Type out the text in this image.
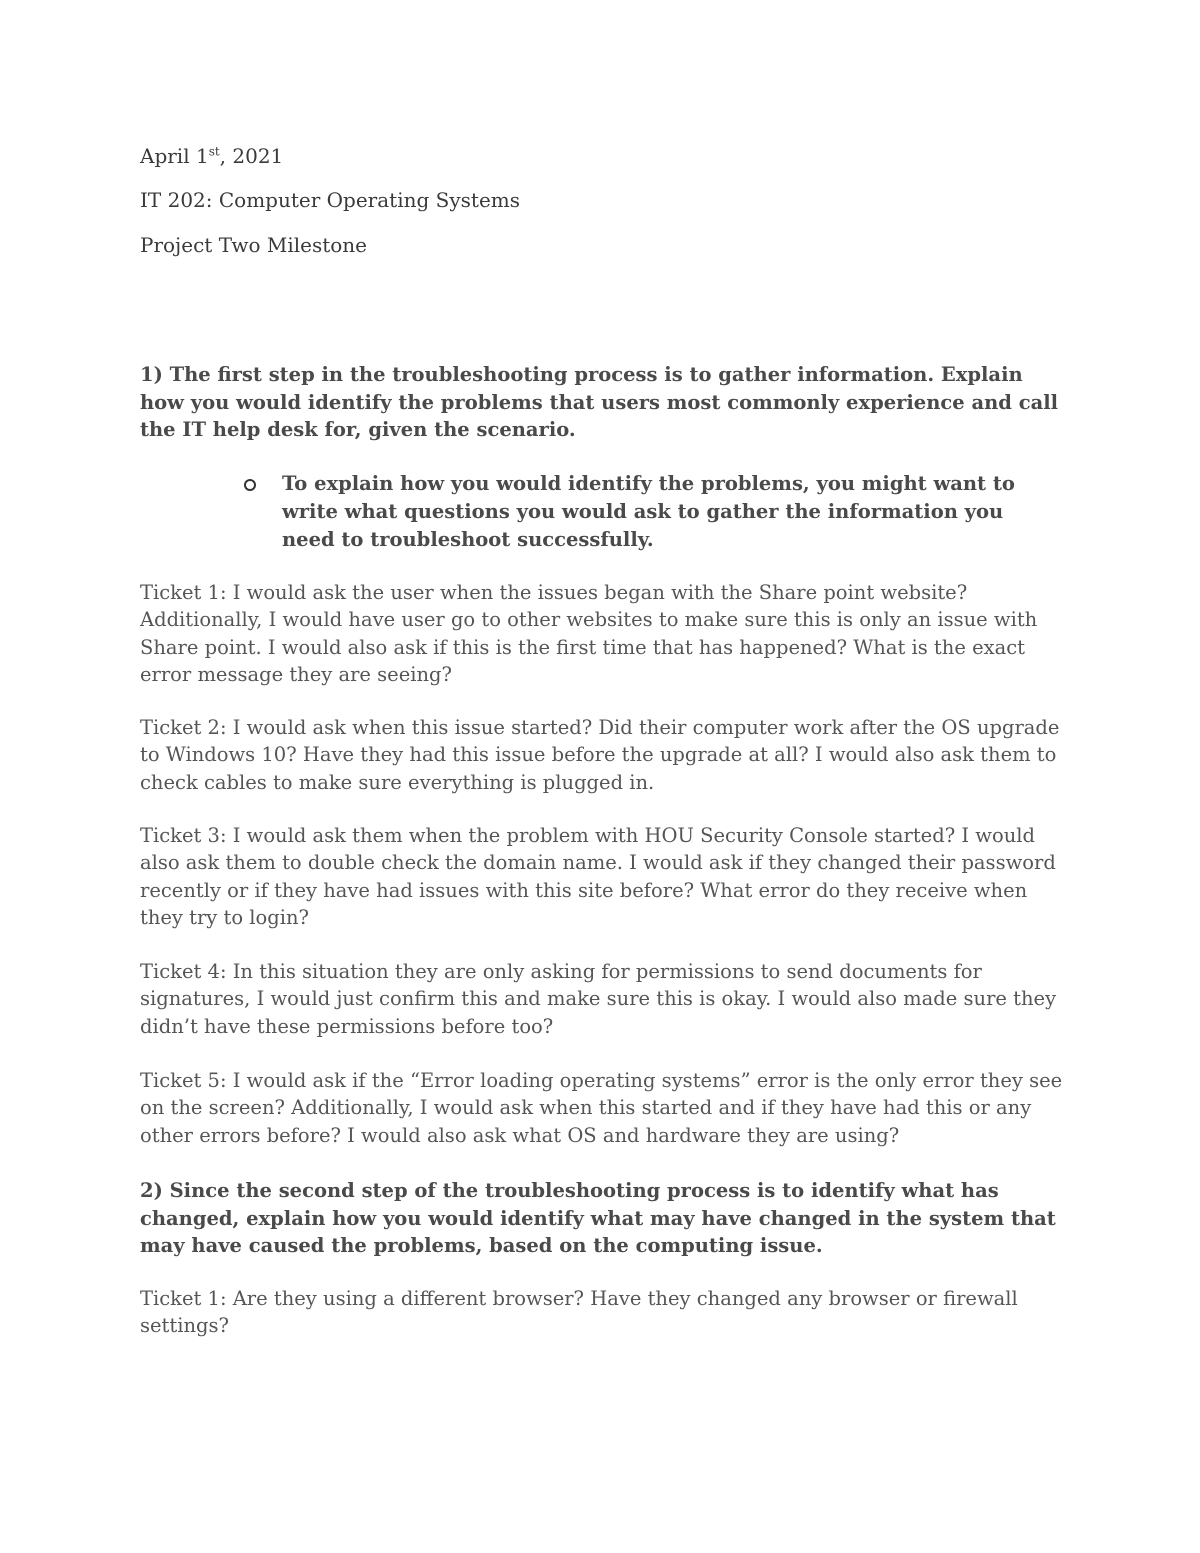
April 1st, 2021
IT 202: Computer Operating Systems
Project Two Milestone
1) The first step in the troubleshooting process is to gather information. Explain how you would identify the problems that users most commonly experience and call the IT help desk for, given the scenario.
To explain how you would identify the problems, you might want to write what questions you would ask to gather the information you need to troubleshoot successfully.
Ticket 1: I would ask the user when the issues began with the Share point website? Additionally, I would have user go to other websites to make sure this is only an issue with Share point. I would also ask if this is the first time that has happened? What is the exact error message they are seeing?
Ticket 2: I would ask when this issue started? Did their computer work after the OS upgrade to Windows 10? Have they had this issue before the upgrade at all? I would also ask them to check cables to make sure everything is plugged in.
Ticket 3: I would ask them when the problem with HOU Security Console started? I would also ask them to double check the domain name. I would ask if they changed their password recently or if they have had issues with this site before? What error do they receive when they try to login?
Ticket 4: In this situation they are only asking for permissions to send documents for signatures, I would just confirm this and make sure this is okay. I would also made sure they didn’t have these permissions before too?
Ticket 5: I would ask if the “Error loading operating systems” error is the only error they see on the screen? Additionally, I would ask when this started and if they have had this or any other errors before? I would also ask what OS and hardware they are using?
2) Since the second step of the troubleshooting process is to identify what has changed, explain how you would identify what may have changed in the system that may have caused the problems, based on the computing issue.
Ticket 1: Are they using a different browser? Have they changed any browser or firewall settings?
